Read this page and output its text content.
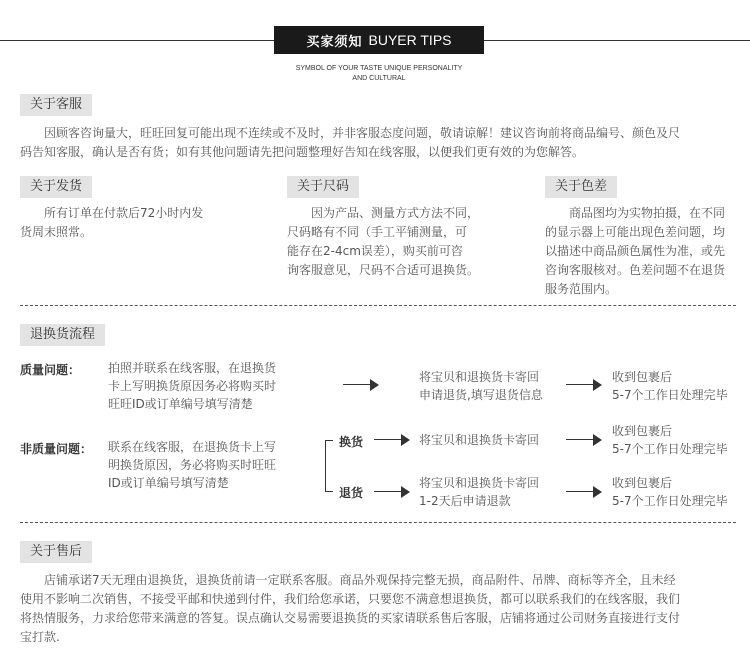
买家须知 BUYER TIPS
SYMBOL OF YOUR TASTE UNIQUE PERSONALITY
AND CULTURAL
关于客服
因顾客咨询量大，旺旺回复可能出现不连续或不及时，并非客服态度问题，敬请谅解！建议咨询前将商品编号、颜色及尺
码告知客服，确认是否有货；如有其他问题请先把问题整理好告知在线客服，以便我们更有效的为您解答。
关于发货
所有订单在付款后72小时内发
货周末照常。
关于尺码
因为产品、测量方式方法不同，
尺码略有不同（手工平铺测量，可
能存在2-4cm误差），购买前可咨
询客服意见，尺码不合适可退换货。
关于色差
商品图均为实物拍摄，在不同
的显示器上可能出现色差问题，均
以描述中商品颜色属性为准，或先
咨询客服核对。色差问题不在退货
服务范围内。
退换货流程
质量问题： 拍照并联系在线客服，在退换货
卡上写明换货原因务必将购买时
旺旺ID或订单编号填写清楚
将宝贝和退换货卡寄回
申请退货,填写退货信息
收到包裹后
5-7个工作日处理完毕
非质量问题： 联系在线客服，在退换货卡上写
明换货原因，务必将购买时旺旺
ID或订单编号填写清楚
换货	将宝贝和退换货卡寄回
收到包裹后
5-7个工作日处理完毕
退货
将宝贝和退换货卡寄回
1-2天后申请退款
收到包裹后
5-7个工作日处理完毕
关于售后
店铺承诺7天无理由退换货，退换货前请一定联系客服。商品外观保持完整无损，商品附件、吊牌、商标等齐全，且未经
使用不影响二次销售，不接受平邮和快递到付件，我们给您承诺，只要您不满意想退换货，都可以联系我们的在线客服，我们
将热情服务，力求给您带来满意的答复。误点确认交易需要退换货的买家请联系售后客服，店铺将通过公司财务直接进行支付
宝打款.
